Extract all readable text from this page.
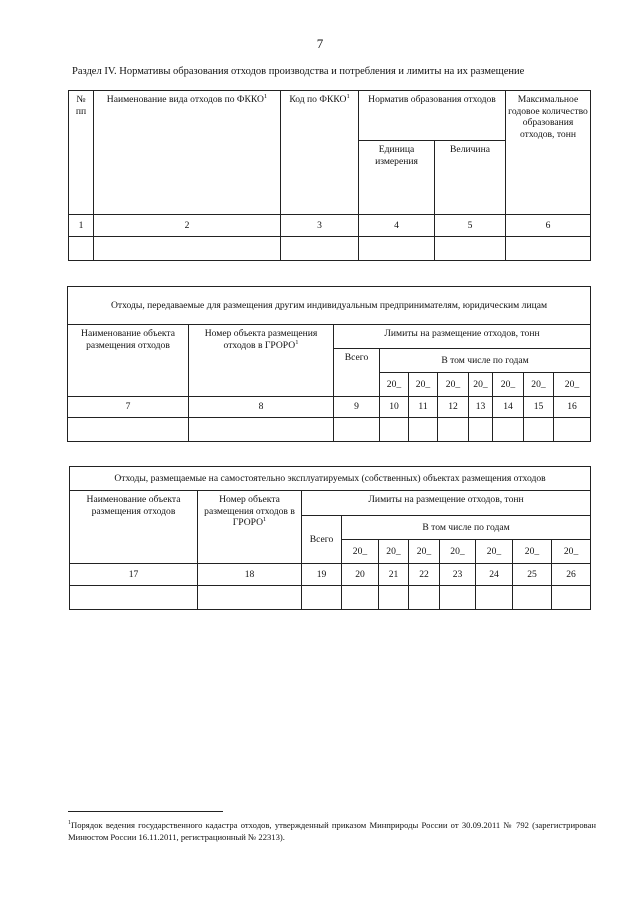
7
Раздел IV. Нормативы образования отходов производства и потребления и лимиты на их размещение
№ пп	Наименование вида отходов по ФККО$^1$	Код по ФККО$^1$	Норматив образования отходов		Максимальное годовое количество образования отходов, тонн
			Единица измерения	Величина	
1	2	3	4	5	6

Отходы, передаваемые для размещения другим индивидуальным предпринимателям, юридическим лицам									
Наименование объекта размещения отходов	Номер объекта размещения отходов в ГРОРО$^1$	Лимиты на размещение отходов, тонн							
		Всего	В том числе по годам						
			20_	20_	20_	20_	20_	20_	20_
7	8	9	10	11	12	13	14	15	16

Отходы, размещаемые на самостоятельно эксплуатируемых (собственных) объектах размещения отходов									
Наименование объекта размещения отходов	Номер объекта размещения отходов в ГРОРО$^1$	Лимиты на размещение отходов, тонн							
		Всего	В том числе по годам						
			20_	20_	20_	20_	20_	20_	20_
17	18	19	20	21	22	23	24	25	26

$^1$Порядок ведения государственного кадастра отходов, утвержденный приказом Минприроды России от 30.09.2011 № 792 (зарегистрирован Минюстом России 16.11.2011, регистрационный № 22313).
